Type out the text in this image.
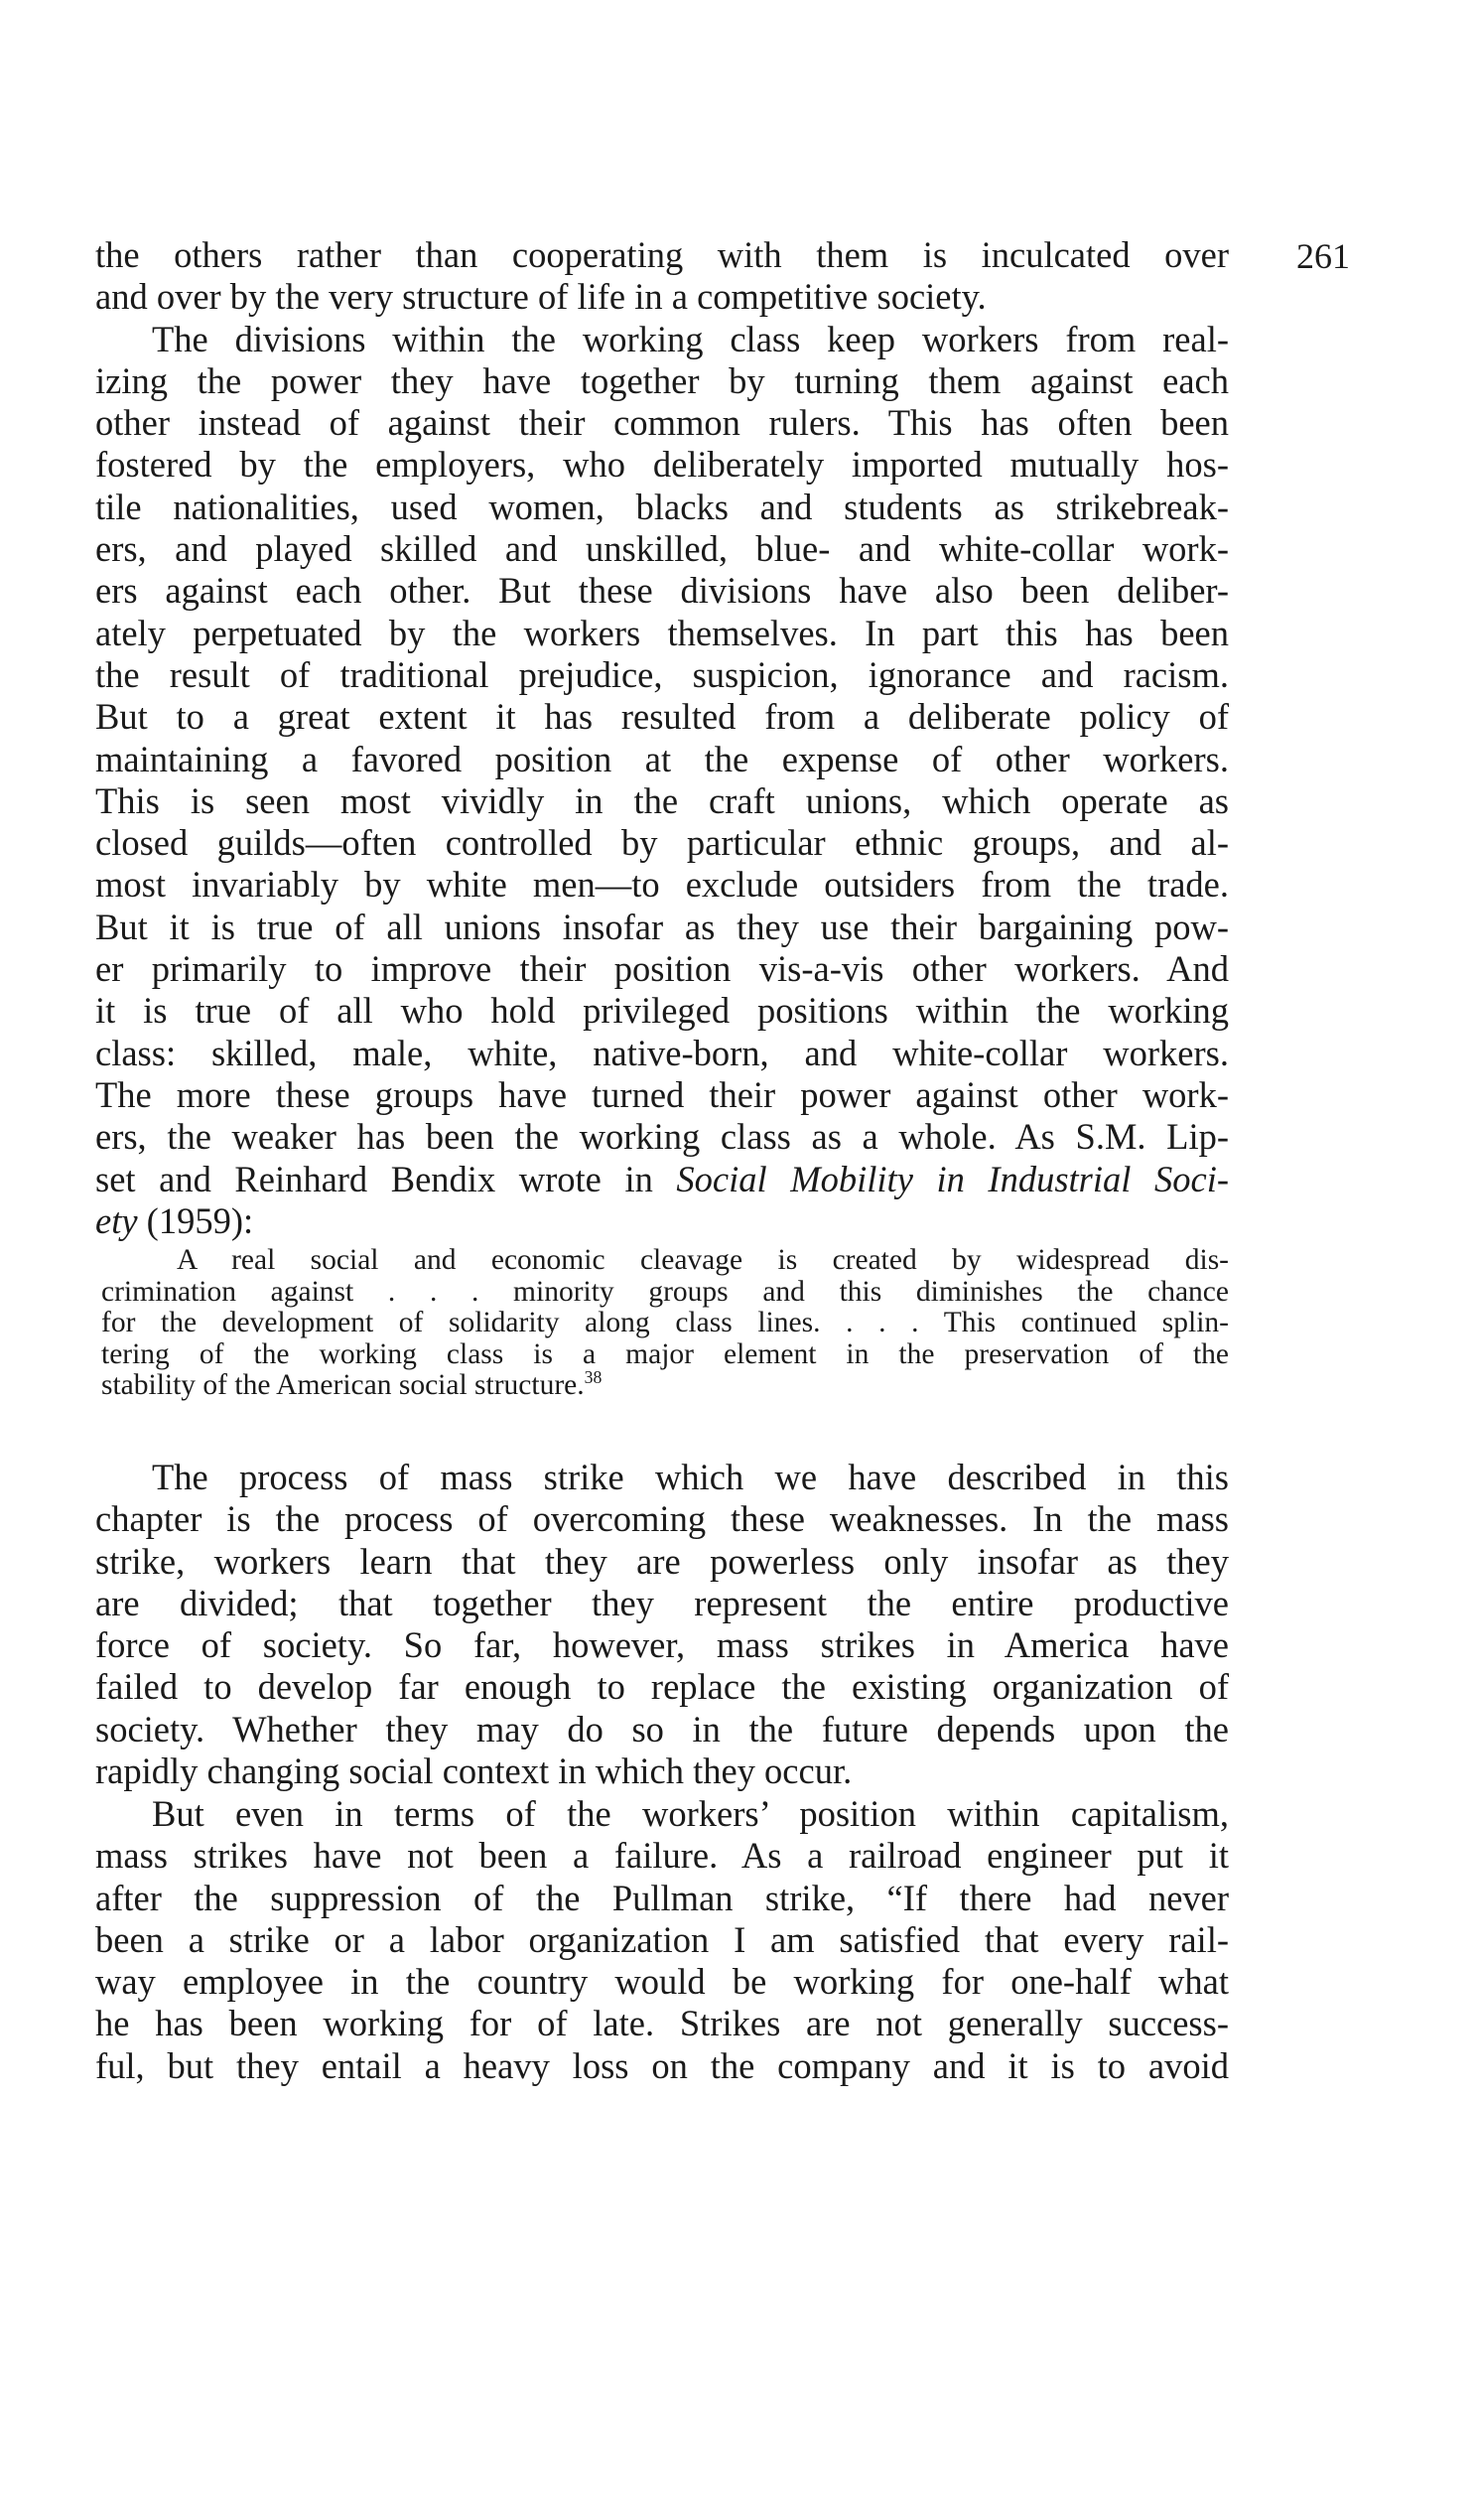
261
the others rather than cooperating with them is inculcated over
and over by the very structure of life in a competitive society.
The divisions within the working class keep workers from real-
izing the power they have together by turning them against each
other instead of against their common rulers. This has often been
fostered by the employers, who deliberately imported mutually hos-
tile nationalities, used women, blacks and students as strikebreak-
ers, and played skilled and unskilled, blue- and white-collar work-
ers against each other. But these divisions have also been deliber-
ately perpetuated by the workers themselves. In part this has been
the result of traditional prejudice, suspicion, ignorance and racism.
But to a great extent it has resulted from a deliberate policy of
maintaining a favored position at the expense of other workers.
This is seen most vividly in the craft unions, which operate as
closed guilds—often controlled by particular ethnic groups, and al-
most invariably by white men—to exclude outsiders from the trade.
But it is true of all unions insofar as they use their bargaining pow-
er primarily to improve their position vis-a-vis other workers. And
it is true of all who hold privileged positions within the working
class: skilled, male, white, native-born, and white-collar workers.
The more these groups have turned their power against other work-
ers, the weaker has been the working class as a whole. As S.M. Lip-
set and Reinhard Bendix wrote in Social Mobility in Industrial Soci-
ety (1959):
A real social and economic cleavage is created by widespread dis-
crimination against . . . minority groups and this diminishes the chance
for the development of solidarity along class lines. . . . This continued splin-
tering of the working class is a major element in the preservation of the
stability of the American social structure.$^{38}$
The process of mass strike which we have described in this
chapter is the process of overcoming these weaknesses. In the mass
strike, workers learn that they are powerless only insofar as they
are divided; that together they represent the entire productive
force of society. So far, however, mass strikes in America have
failed to develop far enough to replace the existing organization of
society. Whether they may do so in the future depends upon the
rapidly changing social context in which they occur.
But even in terms of the workers’ position within capitalism,
mass strikes have not been a failure. As a railroad engineer put it
after the suppression of the Pullman strike, “If there had never
been a strike or a labor organization I am satisfied that every rail-
way employee in the country would be working for one-half what
he has been working for of late. Strikes are not generally success-
ful, but they entail a heavy loss on the company and it is to avoid
